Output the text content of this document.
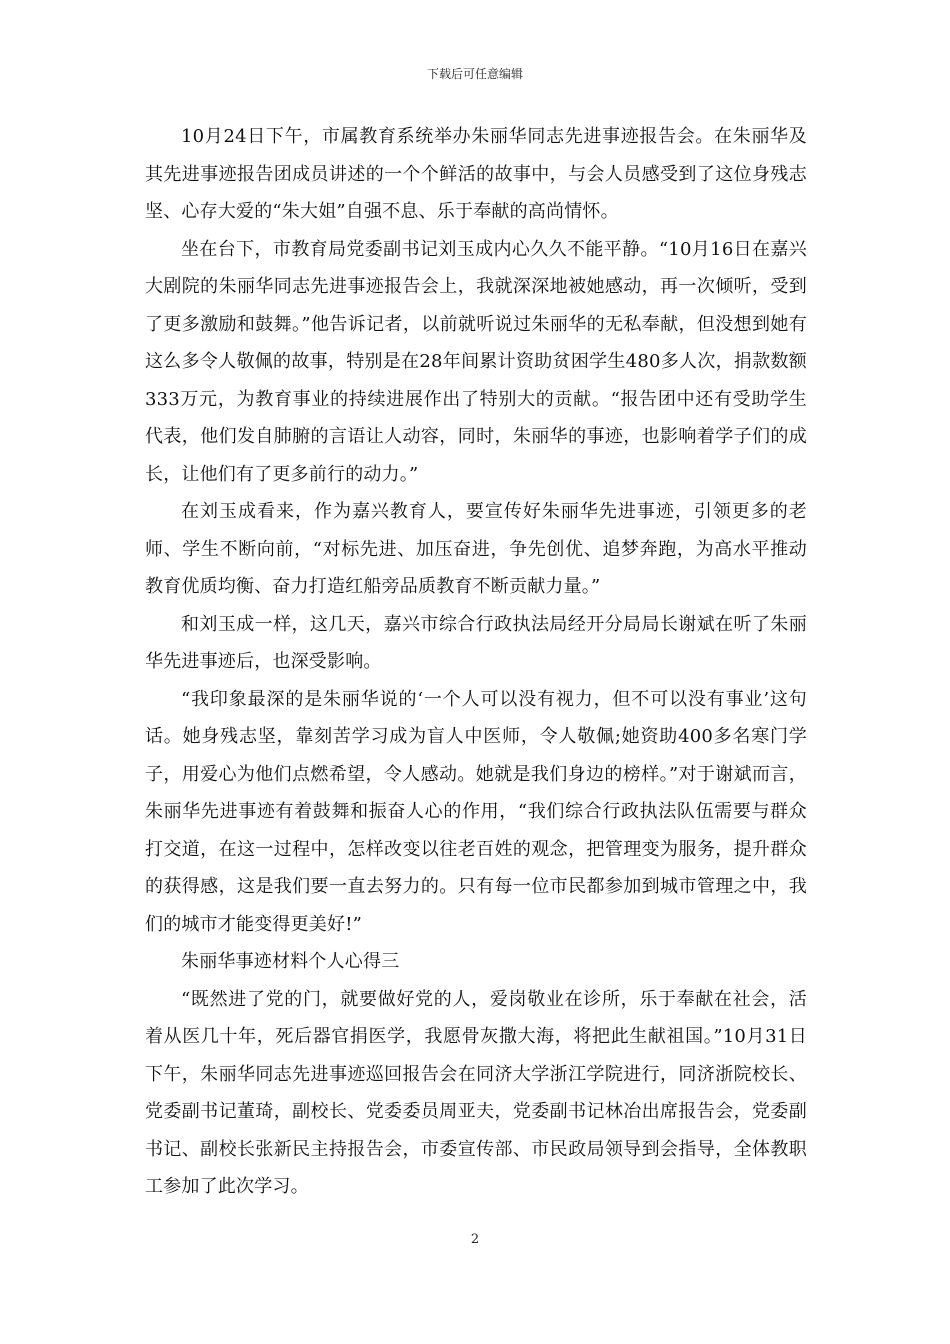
下载后可任意编辑

10月24日下午，市属教育系统举办朱丽华同志先进事迹报告会。在朱丽华及其先进事迹报告团成员讲述的一个个鲜活的故事中，与会人员感受到了这位身残志坚、心存大爱的“朱大姐”自强不息、乐于奉献的高尚情怀。

坐在台下，市教育局党委副书记刘玉成内心久久不能平静。“10月16日在嘉兴大剧院的朱丽华同志先进事迹报告会上，我就深深地被她感动，再一次倾听，受到了更多激励和鼓舞。”他告诉记者，以前就听说过朱丽华的无私奉献，但没想到她有这么多令人敬佩的故事，特别是在28年间累计资助贫困学生480多人次，捐款数额333万元，为教育事业的持续进展作出了特别大的贡献。“报告团中还有受助学生代表，他们发自肺腑的言语让人动容，同时，朱丽华的事迹，也影响着学子们的成长，让他们有了更多前行的动力。”

在刘玉成看来，作为嘉兴教育人，要宣传好朱丽华先进事迹，引领更多的老师、学生不断向前，“对标先进、加压奋进，争先创优、追梦奔跑，为高水平推动教育优质均衡、奋力打造红船旁品质教育不断贡献力量。”

和刘玉成一样，这几天，嘉兴市综合行政执法局经开分局局长谢斌在听了朱丽华先进事迹后，也深受影响。

“我印象最深的是朱丽华说的‘一个人可以没有视力，但不可以没有事业’这句话。她身残志坚，靠刻苦学习成为盲人中医师，令人敬佩;她资助400多名寒门学子，用爱心为他们点燃希望，令人感动。她就是我们身边的榜样。”对于谢斌而言，朱丽华先进事迹有着鼓舞和振奋人心的作用，“我们综合行政执法队伍需要与群众打交道，在这一过程中，怎样改变以往老百姓的观念，把管理变为服务，提升群众的获得感，这是我们要一直去努力的。只有每一位市民都参加到城市管理之中，我们的城市才能变得更美好!”

朱丽华事迹材料个人心得三

“既然进了党的门，就要做好党的人，爱岗敬业在诊所，乐于奉献在社会，活着从医几十年，死后器官捐医学，我愿骨灰撒大海，将把此生献祖国。”10月31日下午，朱丽华同志先进事迹巡回报告会在同济大学浙江学院进行，同济浙院校长、党委副书记董琦，副校长、党委委员周亚夫，党委副书记林冶出席报告会，党委副书记、副校长张新民主持报告会，市委宣传部、市民政局领导到会指导，全体教职工参加了此次学习。

2
